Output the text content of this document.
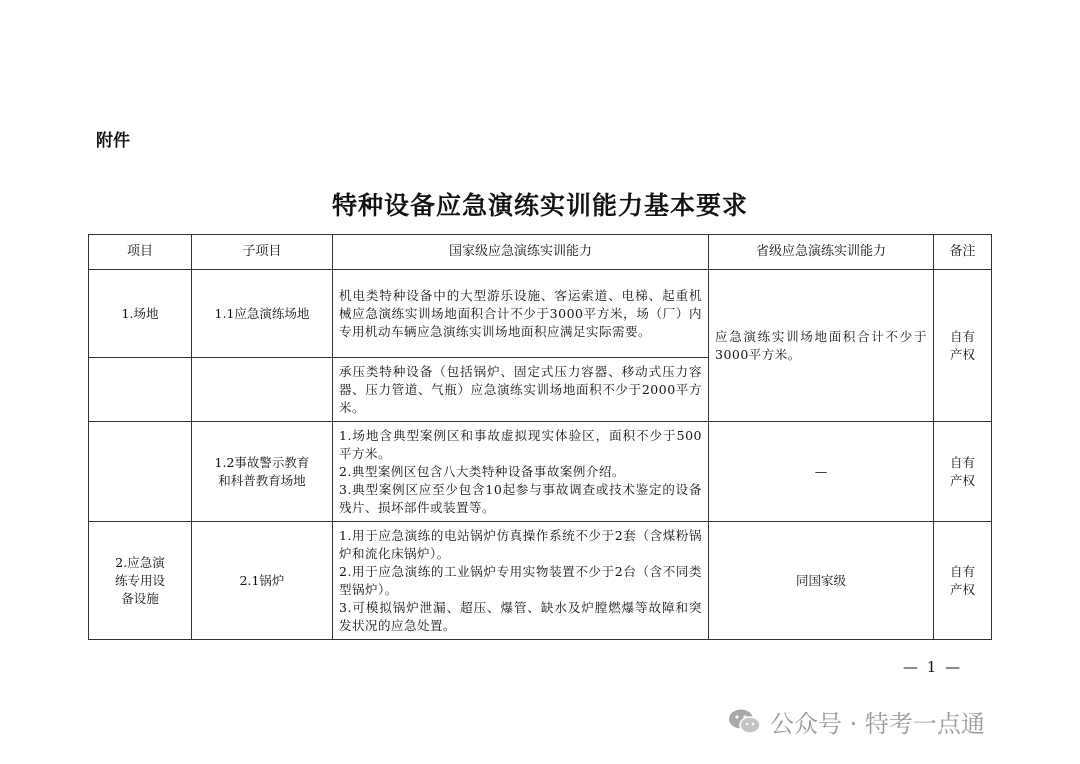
附件
特种设备应急演练实训能力基本要求
项目	子项目	国家级应急演练实训能力	省级应急演练实训能力	备注
1.场地	1.1应急演练场地	机电类特种设备中的大型游乐设施、客运索道、电梯、起重机械应急演练实训场地面积合计不少于3000平方米，场（厂）内专用机动车辆应急演练实训场地面积应满足实际需要。	应急演练实训场地面积合计不少于3000平方米。	自有产权

		承压类特种设备（包括锅炉、固定式压力容器、移动式压力容器、压力管道、气瓶）应急演练实训场地面积不少于2000平方米。		

	1.2事故警示教育和科普教育场地	1.场地含典型案例区和事故虚拟现实体验区，面积不少于500平方米。
2.典型案例区包含八大类特种设备事故案例介绍。
3.典型案例区应至少包含10起参与事故调查或技术鉴定的设备残片、损坏部件或装置等。	—	自有产权

2.应急演练专用设备设施	2.1锅炉	1.用于应急演练的电站锅炉仿真操作系统不少于2套（含煤粉锅炉和流化床锅炉）。
2.用于应急演练的工业锅炉专用实物装置不少于2台（含不同类型锅炉）。
3.可模拟锅炉泄漏、超压、爆管、缺水及炉膛燃爆等故障和突发状况的应急处置。	同国家级	自有产权
— 1 —
公众号 · 特考一点通
